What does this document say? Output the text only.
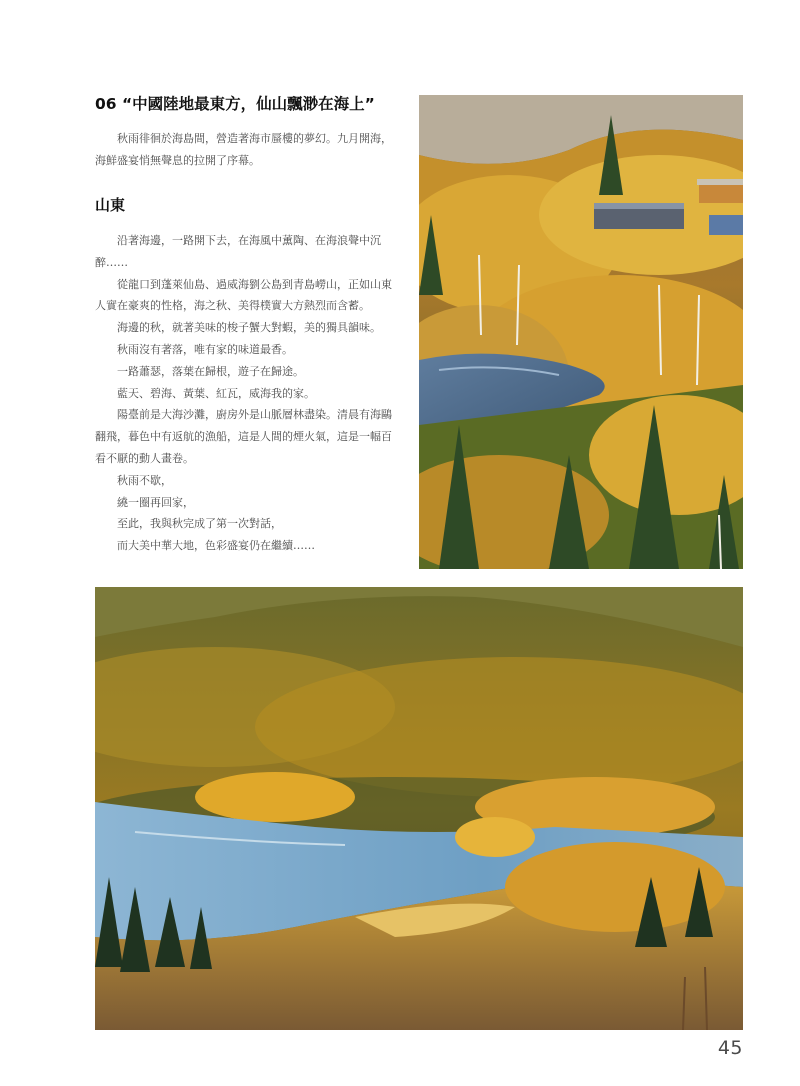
06 “中國陸地最東方，仙山飄渺在海上”

秋雨徘徊於海島間，營造著海市蜃樓的夢幻。九月開海，海鮮盛宴悄無聲息的拉開了序幕。

山東

沿著海邊，一路開下去，在海風中薰陶、在海浪聲中沉醉……

從龍口到蓬萊仙島、過威海劉公島到青島嶗山，正如山東人實在豪爽的性格，海之秋、美得樸實大方熱烈而含蓄。

海邊的秋，就著美味的梭子蟹大對蝦，美的獨具韻味。

秋雨沒有著落，唯有家的味道最香。

一路蕭瑟，落葉在歸根，遊子在歸途。

藍天、碧海、黃葉、紅瓦，威海我的家。

陽臺前是大海沙灘，廚房外是山脈層林盡染。清晨有海鷗翻飛，暮色中有返航的漁船，這是人間的煙火氣，這是一幅百看不厭的動人畫卷。

秋雨不歇，

繞一圈再回家，

至此，我與秋完成了第一次對話，

而大美中華大地，色彩盛宴仍在繼續……

45
